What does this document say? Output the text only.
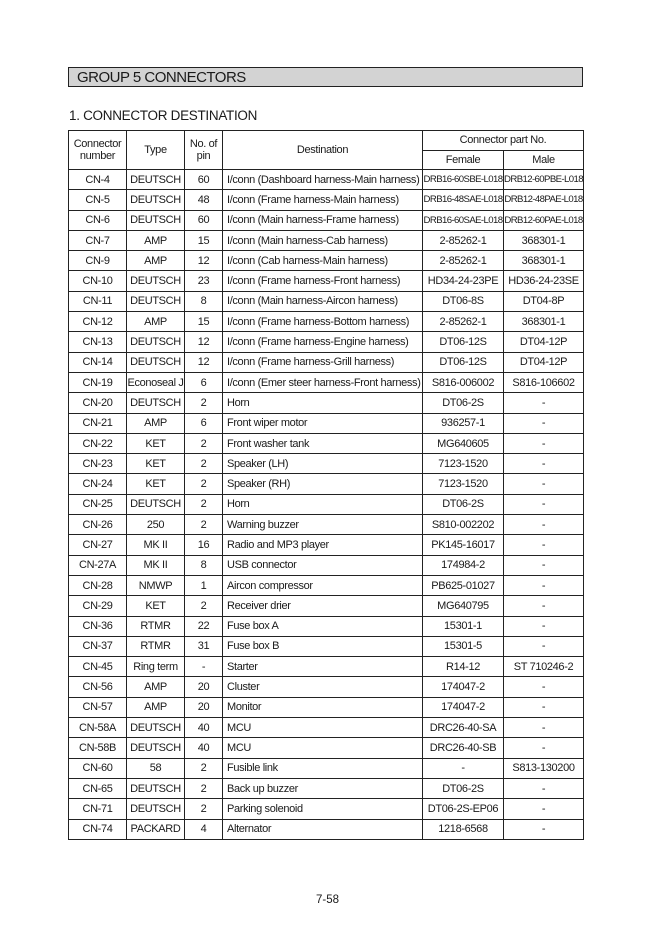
GROUP 5 CONNECTORS
1. CONNECTOR DESTINATION
Connector number	Type	No. of pin	Destination	Connector part No.	
				Female	Male
CN-4	DEUTSCH	60	I/conn (Dashboard harness-Main harness)	DRB16-60SBE-L018	DRB12-60PBE-L018
CN-5	DEUTSCH	48	I/conn (Frame harness-Main harness)	DRB16-48SAE-L018	DRB12-48PAE-L018
CN-6	DEUTSCH	60	I/conn (Main harness-Frame harness)	DRB16-60SAE-L018	DRB12-60PAE-L018
CN-7	AMP	15	I/conn (Main harness-Cab harness)	2-85262-1	368301-1
CN-9	AMP	12	I/conn (Cab harness-Main harness)	2-85262-1	368301-1
CN-10	DEUTSCH	23	I/conn (Frame harness-Front harness)	HD34-24-23PE	HD36-24-23SE
CN-11	DEUTSCH	8	I/conn (Main harness-Aircon harness)	DT06-8S	DT04-8P
CN-12	AMP	15	I/conn (Frame harness-Bottom harness)	2-85262-1	368301-1
CN-13	DEUTSCH	12	I/conn (Frame harness-Engine harness)	DT06-12S	DT04-12P
CN-14	DEUTSCH	12	I/conn (Frame harness-Grill harness)	DT06-12S	DT04-12P
CN-19	Econoseal J	6	I/conn (Emer steer harness-Front harness)	S816-006002	S816-106602
CN-20	DEUTSCH	2	Horn	DT06-2S	-
CN-21	AMP	6	Front wiper motor	936257-1	-
CN-22	KET	2	Front washer tank	MG640605	-
CN-23	KET	2	Speaker (LH)	7123-1520	-
CN-24	KET	2	Speaker (RH)	7123-1520	-
CN-25	DEUTSCH	2	Horn	DT06-2S	-
CN-26	250	2	Warning buzzer	S810-002202	-
CN-27	MK II	16	Radio and MP3 player	PK145-16017	-
CN-27A	MK II	8	USB connector	174984-2	-
CN-28	NMWP	1	Aircon compressor	PB625-01027	-
CN-29	KET	2	Receiver drier	MG640795	-
CN-36	RTMR	22	Fuse box A	15301-1	-
CN-37	RTMR	31	Fuse box B	15301-5	-
CN-45	Ring term	-	Starter	R14-12	ST 710246-2
CN-56	AMP	20	Cluster	174047-2	-
CN-57	AMP	20	Monitor	174047-2	-
CN-58A	DEUTSCH	40	MCU	DRC26-40-SA	-
CN-58B	DEUTSCH	40	MCU	DRC26-40-SB	-
CN-60	58	2	Fusible link	-	S813-130200
CN-65	DEUTSCH	2	Back up buzzer	DT06-2S	-
CN-71	DEUTSCH	2	Parking solenoid	DT06-2S-EP06	-
CN-74	PACKARD	4	Alternator	1218-6568	-
7-58
